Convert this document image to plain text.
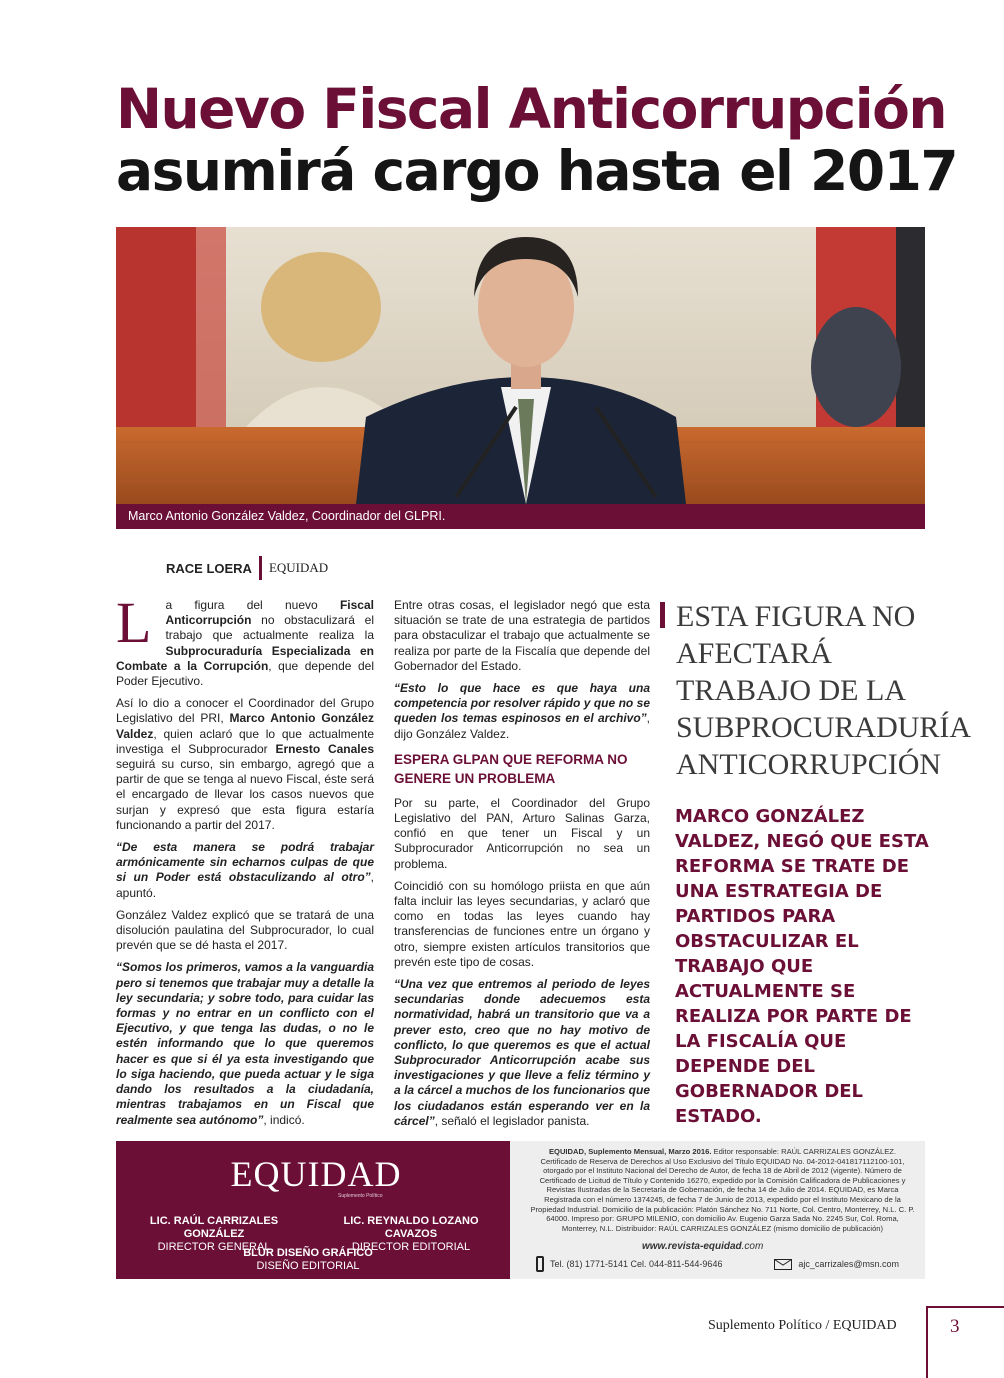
Nuevo Fiscal Anticorrupción
asumirá cargo hasta el 2017
Marco Antonio González Valdez, Coordinador del GLPRI.
RACE LOERA EQUIDAD

L a figura del nuevo Fiscal Anticorrupción no obstaculizará el trabajo que actualmente realiza la Subprocuraduría Especializada en Combate a la Corrupción, que depende del Poder Ejecutivo.

Así lo dio a conocer el Coordinador del Grupo Legislativo del PRI, Marco Antonio González Valdez, quien aclaró que lo que actualmente investiga el Subprocurador Ernesto Canales seguirá su curso, sin embargo, agregó que a partir de que se tenga al nuevo Fiscal, éste será el encargado de llevar los casos nuevos que surjan y expresó que esta figura estaría funcionando a partir del 2017.

“De esta manera se podrá trabajar armónicamente sin echarnos culpas de que si un Poder está obstaculizando al otro”, apuntó.

González Valdez explicó que se tratará de una disolución paulatina del Subprocurador, lo cual prevén que se dé hasta el 2017.

“Somos los primeros, vamos a la vanguardia pero si tenemos que trabajar muy a detalle la ley secundaria; y sobre todo, para cuidar las formas y no entrar en un conflicto con el Ejecutivo, y que tenga las dudas, o no le estén informando que lo que queremos hacer es que si él ya esta investigando que lo siga haciendo, que pueda actuar y le siga dando los resultados a la ciudadanía, mientras trabajamos en un Fiscal que realmente sea autónomo”, indicó.

Entre otras cosas, el legislador negó que esta situación se trate de una estrategia de partidos para obstaculizar el trabajo que actualmente se realiza por parte de la Fiscalía que depende del Gobernador del Estado.

“Esto lo que hace es que haya una competencia por resolver rápido y que no se queden los temas espinosos en el archivo”, dijo González Valdez.

ESPERA GLPAN QUE REFORMA NO GENERE UN PROBLEMA

Por su parte, el Coordinador del Grupo Legislativo del PAN, Arturo Salinas Garza, confió en que tener un Fiscal y un Subprocurador Anticorrupción no sea un problema.

Coincidió con su homólogo priista en que aún falta incluir las leyes secundarias, y aclaró que como en todas las leyes cuando hay transferencias de funciones entre un órgano y otro, siempre existen artículos transitorios que prevén este tipo de cosas.

“Una vez que entremos al periodo de leyes secundarias donde adecuemos esta normatividad, habrá un transitorio que va a prever esto, creo que no hay motivo de conflicto, lo que queremos es que el actual Subprocurador Anticorrupción acabe sus investigaciones y que lleve a feliz término y a la cárcel a muchos de los funcionarios que los ciudadanos están esperando ver en la cárcel”, señaló el legislador panista.

ESTA FIGURA NO AFECTARÁ TRABAJO DE LA SUBPROCURADURÍA ANTICORRUPCIÓN
MARCO GONZÁLEZ VALDEZ, NEGÓ QUE ESTA REFORMA SE TRATE DE UNA ESTRATEGIA DE PARTIDOS PARA OBSTACULIZAR EL TRABAJO QUE ACTUALMENTE SE REALIZA POR PARTE DE LA FISCALÍA QUE DEPENDE DEL GOBERNADOR DEL ESTADO.
EQUIDAD
Suplemento Político
LIC. RAÚL CARRIZALES GONZÁLEZ
DIRECTOR GENERAL
LIC. REYNALDO LOZANO CAVAZOS
DIRECTOR EDITORIAL
BLUR DISEÑO GRÁFICO
DISEÑO EDITORIAL
EQUIDAD, Suplemento Mensual, Marzo 2016. Editor responsable: RAÚL CARRIZALES GONZÁLEZ. Certificado de Reserva de Derechos al Uso Exclusivo del Título EQUIDAD No. 04-2012-041817112100-101, otorgado por el Instituto Nacional del Derecho de Autor, de fecha 18 de Abril de 2012 (vigente). Número de Certificado de Licitud de Título y Contenido 16270, expedido por la Comisión Calificadora de Publicaciones y Revistas Ilustradas de la Secretaría de Gobernación, de fecha 14 de Julio de 2014. EQUIDAD, es Marca Registrada con el número 1374245, de fecha 7 de Junio de 2013, expedido por el Instituto Mexicano de la Propiedad Industrial. Domicilio de la publicación: Platón Sánchez No. 711 Norte, Col. Centro, Monterrey, N.L. C. P. 64000. Impreso por: GRUPO MILENIO, con domicilio Av. Eugenio Garza Sada No. 2245 Sur, Col. Roma, Monterrey, N.L. Distribuidor: RAÚL CARRIZALES GONZÁLEZ (mismo domicilio de publicación)
www.revista-equidad.com
Tel. (81) 1771-5141 Cel. 044-811-544-9646	ajc_carrizales@msn.com
Suplemento Político / EQUIDAD	3
